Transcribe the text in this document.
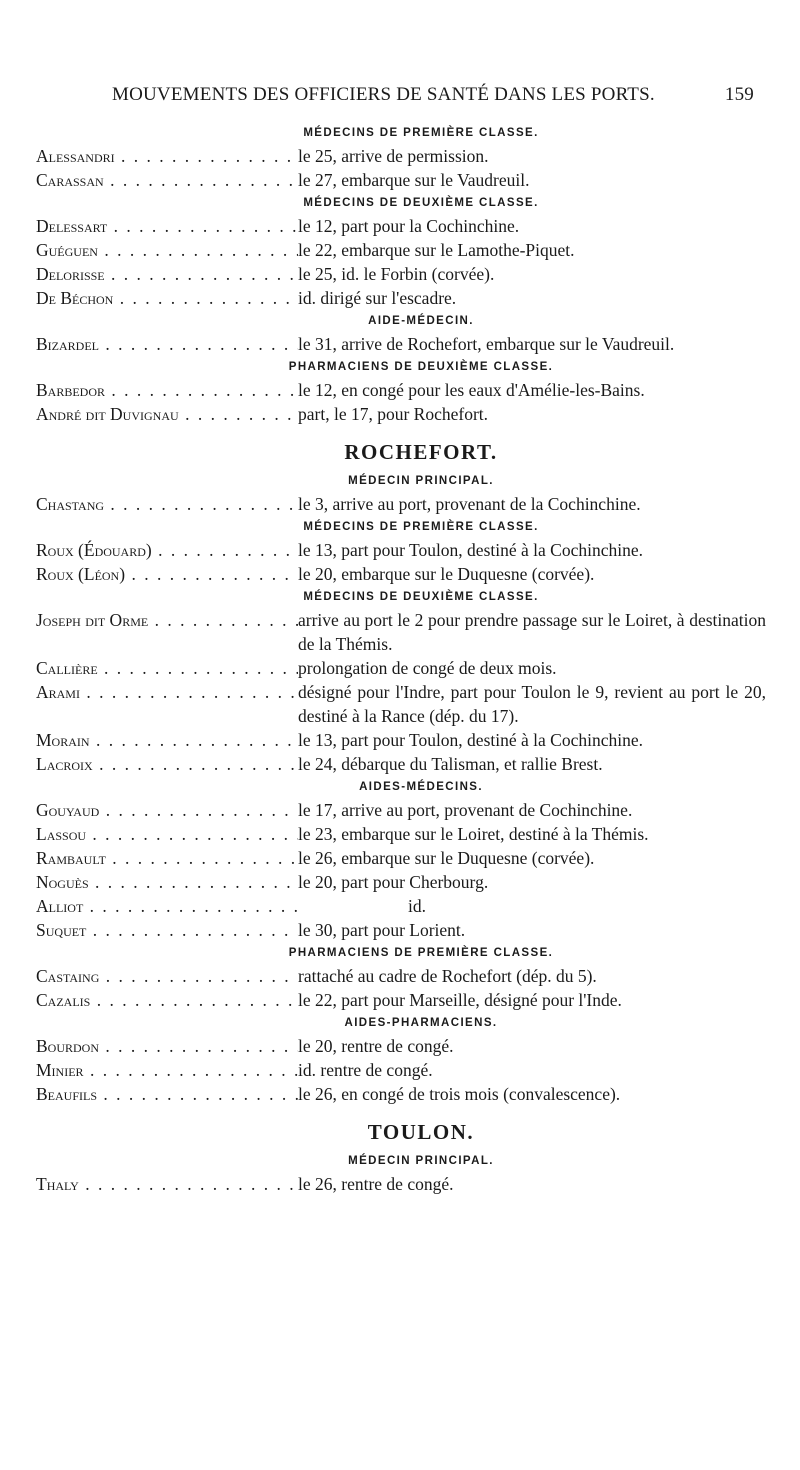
MOUVEMENTS DES OFFICIERS DE SANTÉ DANS LES PORTS.	159
MÉDECINS DE PREMIÈRE CLASSE.
Alessandri . . .	le 25, arrive de permission.
Carassan . . .	le 27, embarque sur le Vaudreuil.
MÉDECINS DE DEUXIÈME CLASSE.
Delessart . . .	le 12, part pour la Cochinchine.
Guéguen . . .	le 22, embarque sur le Lamothe-Piquet.
Delorisse . . .	le 25, id. le Forbin (corvée).
De Béchon . . .	id. dirigé sur l'escadre.
AIDE-MÉDECIN.
Bizardel . . .	le 31, arrive de Rochefort, embarque sur le Vaudreuil.
PHARMACIENS DE DEUXIÈME CLASSE.
Barbedor . . .	le 12, en congé pour les eaux d'Amélie-les-Bains.
André dit Duvignau . . .	part, le 17, pour Rochefort.
ROCHEFORT.
MÉDECIN PRINCIPAL.
Chastang . . .	le 3, arrive au port, provenant de la Cochinchine.
MÉDECINS DE PREMIÈRE CLASSE.
Roux (Édouard) . . .	le 13, part pour Toulon, destiné à la Cochinchine.
Roux (Léon) . . .	le 20, embarque sur le Duquesne (corvée).
MÉDECINS DE DEUXIÈME CLASSE.
Joseph dit Orme . . .	arrive au port le 2 pour prendre passage sur le Loiret, à destination de la Thémis.
Callière . . .	prolongation de congé de deux mois.
Arami . . .	désigné pour l'Indre, part pour Toulon le 9, revient au port le 20, destiné à la Rance (dép. du 17).
Morain . . .	le 13, part pour Toulon, destiné à la Cochinchine.
Lacroix . . .	le 24, débarque du Talisman, et rallie Brest.
AIDES-MÉDECINS.
Gouyaud . . .	le 17, arrive au port, provenant de Cochinchine.
Lassou . . .	le 23, embarque sur le Loiret, destiné à la Thémis.
Rambault . . .	le 26, embarque sur le Duquesne (corvée).
Noguès . . .	le 20, part pour Cherbourg.
Alliot . . .	id.
Suquet . . .	le 30, part pour Lorient.
PHARMACIENS DE PREMIÈRE CLASSE.
Castaing . . .	rattaché au cadre de Rochefort (dép. du 5).
Cazalis . . .	le 22, part pour Marseille, désigné pour l'Inde.
AIDES-PHARMACIENS.
Bourdon . . .	le 20, rentre de congé.
Minier . . .	id. rentre de congé.
Beaufils . . .	le 26, en congé de trois mois (convalescence).
TOULON.
MÉDECIN PRINCIPAL.
Thaly . . .	le 26, rentre de congé.
